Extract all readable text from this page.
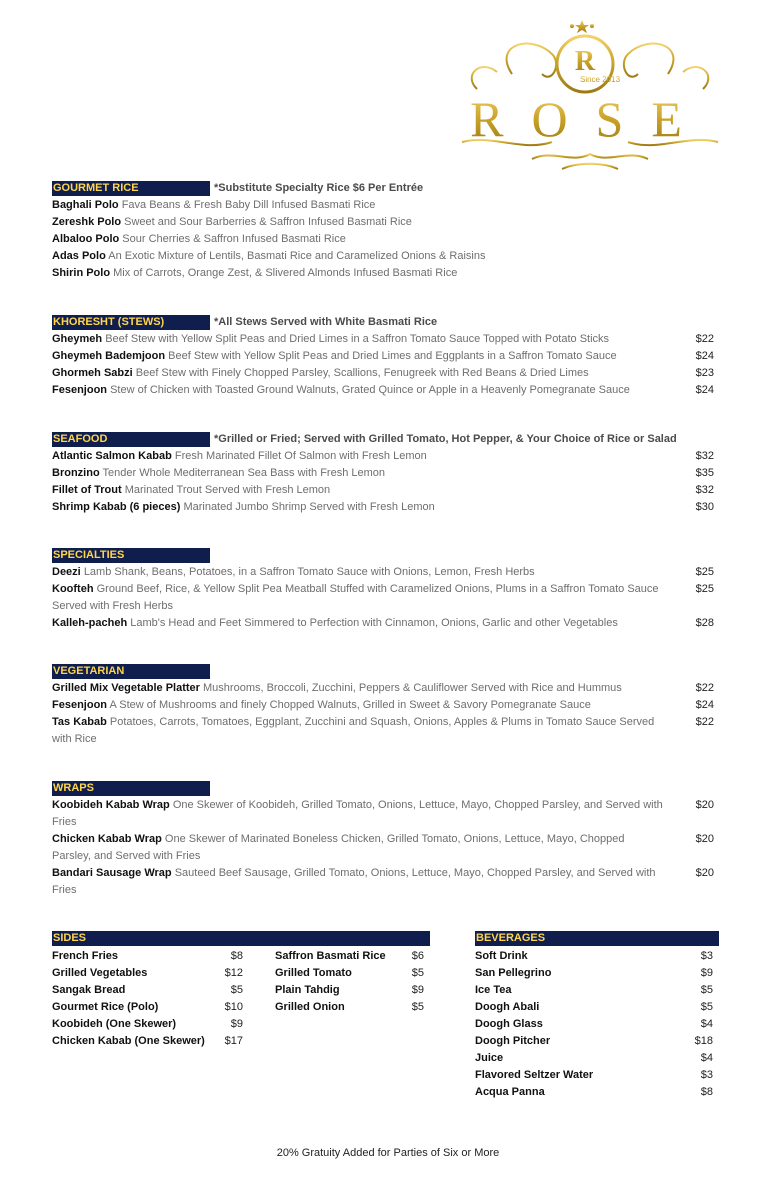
R
Since 2013
ROSE
GOURMET RICE	*Substitute Specialty Rice $6 Per Entrée
Baghali Polo Fava Beans & Fresh Baby Dill Infused Basmati Rice
Zereshk Polo Sweet and Sour Barberries & Saffron Infused Basmati Rice
Albaloo Polo Sour Cherries & Saffron Infused Basmati Rice
Adas Polo An Exotic Mixture of Lentils, Basmati Rice and Caramelized Onions & Raisins
Shirin Polo Mix of Carrots, Orange Zest, & Slivered Almonds Infused Basmati Rice
KHORESHT (STEWS)	*All Stews Served with White Basmati Rice
Gheymeh Beef Stew with Yellow Split Peas and Dried Limes in a Saffron Tomato Sauce Topped with Potato Sticks	$22
Gheymeh Bademjoon Beef Stew with Yellow Split Peas and Dried Limes and Eggplants in a Saffron Tomato Sauce	$24
Ghormeh Sabzi Beef Stew with Finely Chopped Parsley, Scallions, Fenugreek with Red Beans & Dried Limes	$23
Fesenjoon Stew of Chicken with Toasted Ground Walnuts, Grated Quince or Apple in a Heavenly Pomegranate Sauce	$24
SEAFOOD	*Grilled or Fried; Served with Grilled Tomato, Hot Pepper, & Your Choice of Rice or Salad
Atlantic Salmon Kabab Fresh Marinated Fillet Of Salmon with Fresh Lemon	$32
Bronzino Tender Whole Mediterranean Sea Bass with Fresh Lemon	$35
Fillet of Trout Marinated Trout Served with Fresh Lemon	$32
Shrimp Kabab (6 pieces) Marinated Jumbo Shrimp Served with Fresh Lemon	$30
SPECIALTIES
Deezi Lamb Shank, Beans, Potatoes, in a Saffron Tomato Sauce with Onions, Lemon, Fresh Herbs	$25
Koofteh Ground Beef, Rice, & Yellow Split Pea Meatball Stuffed with Caramelized Onions, Plums in a Saffron Tomato Sauce Served with Fresh Herbs
$25
Kalleh-pacheh Lamb's Head and Feet Simmered to Perfection with Cinnamon, Onions, Garlic and other Vegetables	$28
VEGETARIAN
Grilled Mix Vegetable Platter Mushrooms, Broccoli, Zucchini, Peppers & Cauliflower Served with Rice and Hummus	$22
Fesenjoon A Stew of Mushrooms and finely Chopped Walnuts, Grilled in Sweet & Savory Pomegranate Sauce	$24
Tas Kabab Potatoes, Carrots, Tomatoes, Eggplant, Zucchini and Squash, Onions, Apples & Plums in Tomato Sauce Served with Rice
$22
WRAPS
Koobideh Kabab Wrap One Skewer of Koobideh, Grilled Tomato, Onions, Lettuce, Mayo, Chopped Parsley, and Served with Fries
$20
Chicken Kabab Wrap One Skewer of Marinated Boneless Chicken, Grilled Tomato, Onions, Lettuce, Mayo, Chopped Parsley, and Served with Fries
$20
Bandari Sausage Wrap Sauteed Beef Sausage, Grilled Tomato, Onions, Lettuce, Mayo, Chopped Parsley, and Served with Fries
$20
SIDES
French Fries	$8
Grilled Vegetables	$12
Sangak Bread	$5
Gourmet Rice (Polo)	$10
Koobideh (One Skewer)	$9
Chicken Kabab (One Skewer) $17
Saffron Basmati Rice $6
Grilled Tomato	$5
Plain Tahdig	$9
Grilled Onion	$5
BEVERAGES
Soft Drink	$3
San Pellegrino	$9
Ice Tea	$5
Doogh Abali	$5
Doogh Glass	$4
Doogh Pitcher	$18
Juice	$4
Flavored Seltzer Water	$3
Acqua Panna	$8
20% Gratuity Added for Parties of Six or More
